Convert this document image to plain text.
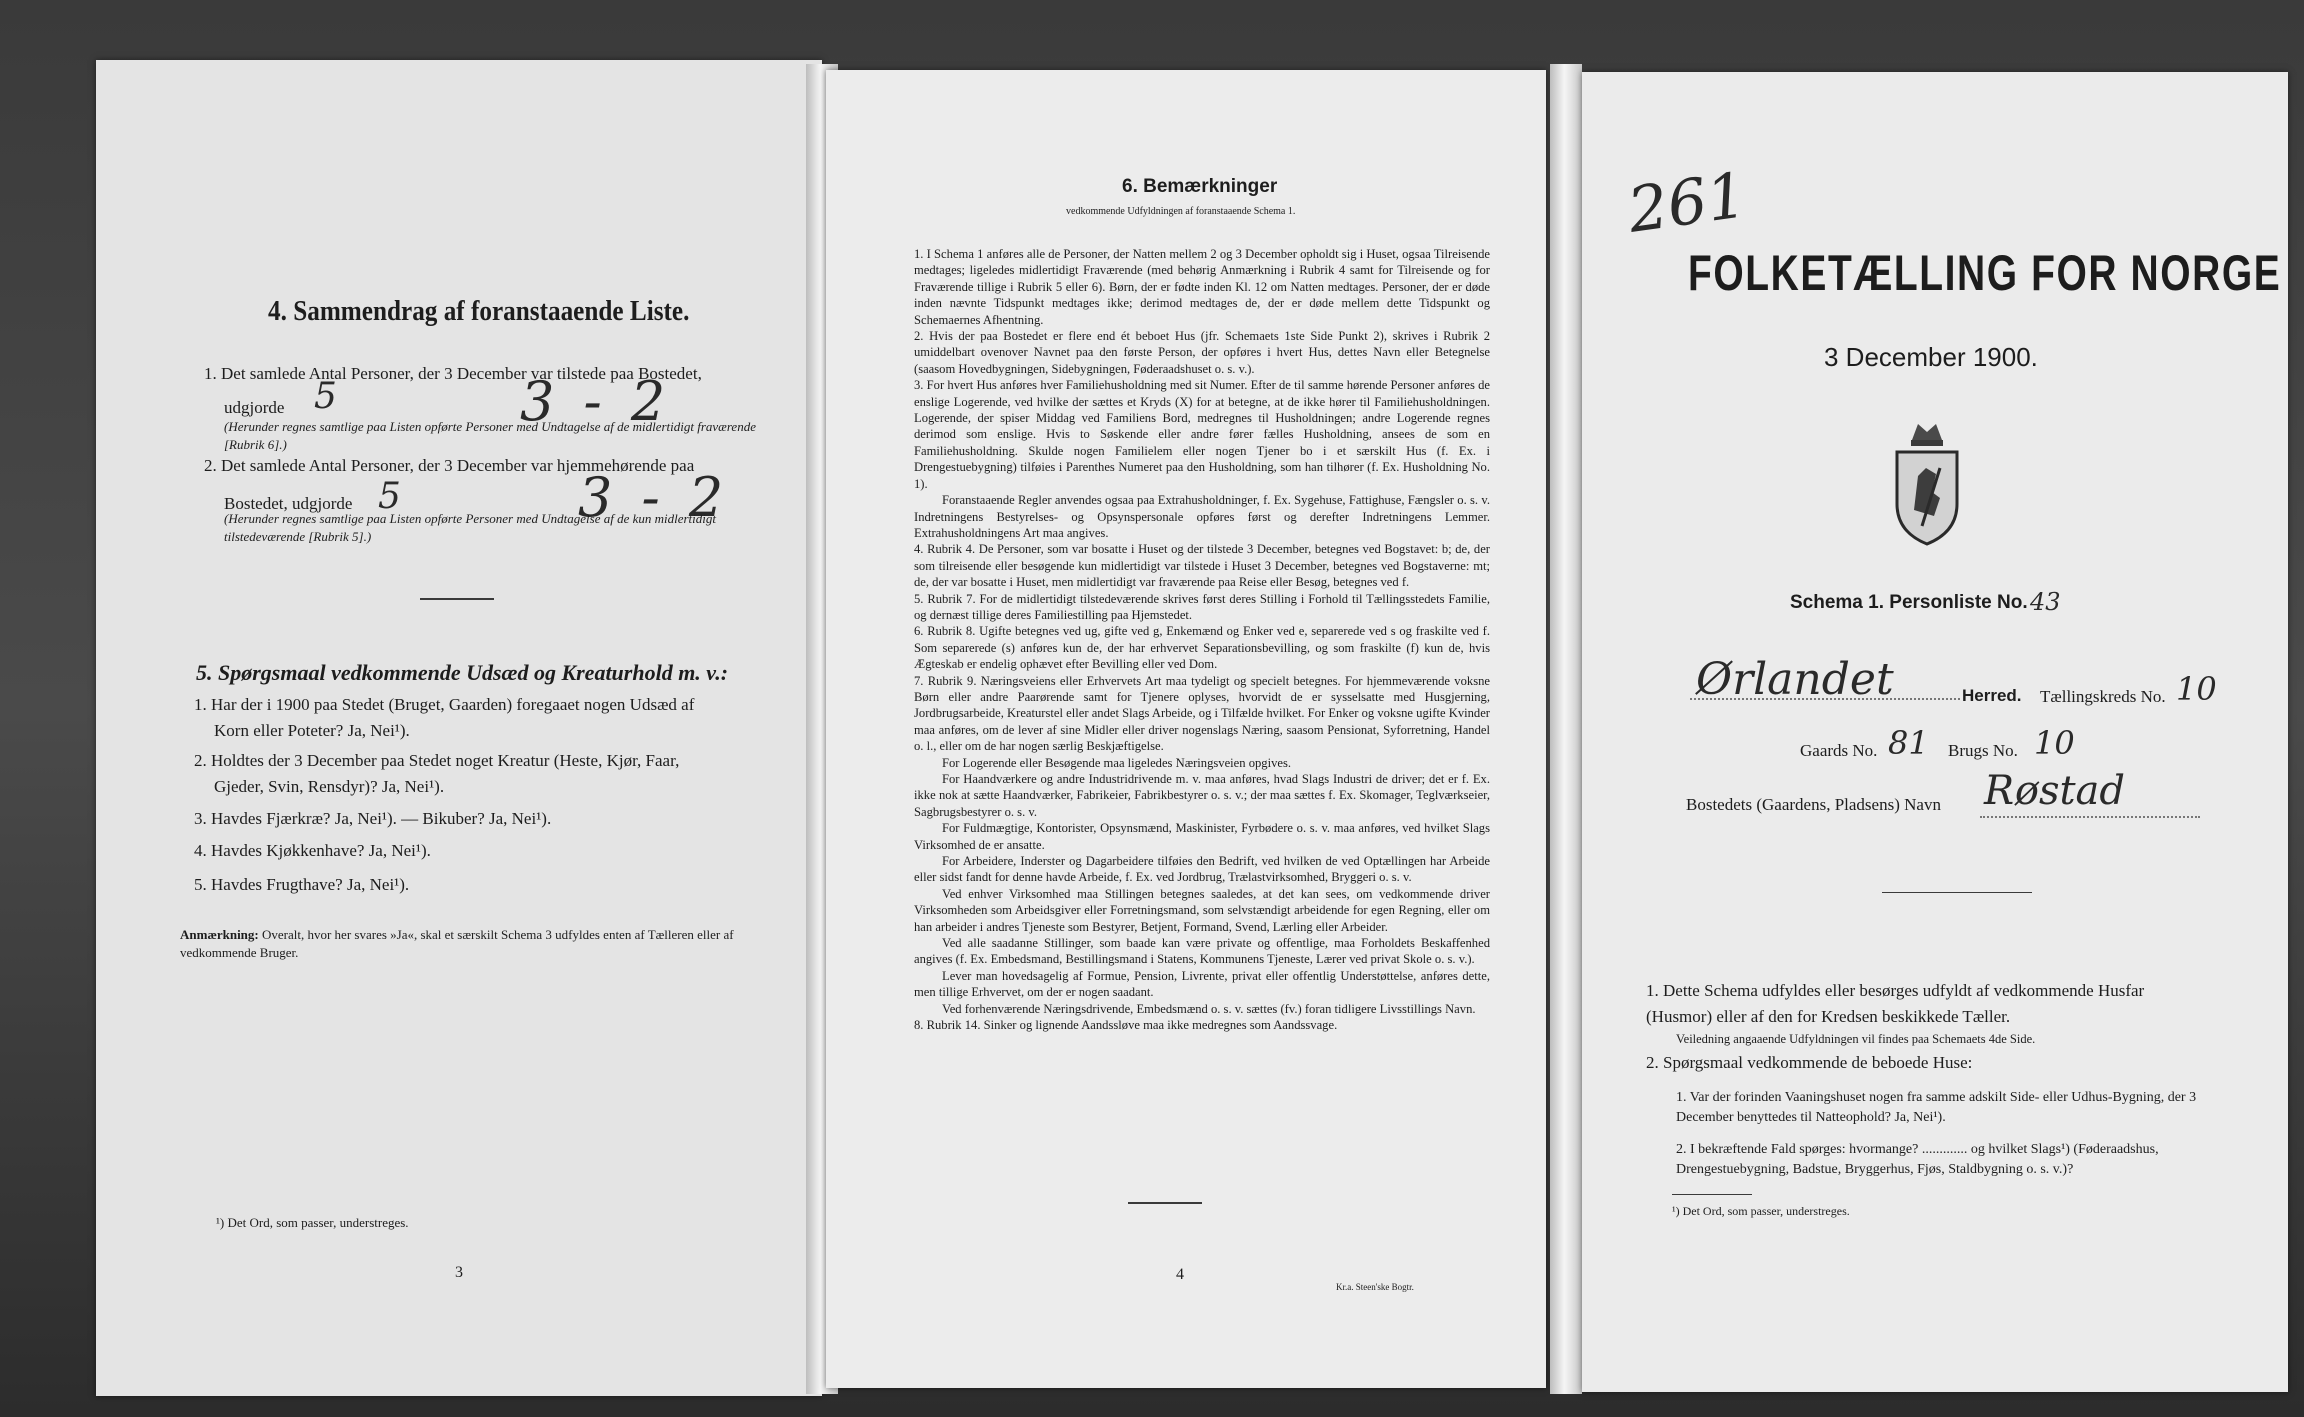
4. Sammendrag af foranstaaende Liste.
1. Det samlede Antal Personer, der 3 December var tilstede paa Bostedet,
udgjorde 5	3 - 2
(Herunder regnes samtlige paa Listen opførte Personer med Undtagelse af de midlertidigt fraværende [Rubrik 6].)
2. Det samlede Antal Personer, der 3 December var hjemmehørende paa
Bostedet, udgjorde 5	3 - 2
(Herunder regnes samtlige paa Listen opførte Personer med Undtagelse af de kun midlertidigt tilstedeværende [Rubrik 5].)
5. Spørgsmaal vedkommende Udsæd og Kreaturhold m. v.:
1. Har der i 1900 paa Stedet (Bruget, Gaarden) foregaaet nogen Udsæd af
Korn eller Poteter? Ja, Nei¹).
2. Holdtes der 3 December paa Stedet noget Kreatur (Heste, Kjør, Faar,
Gjeder, Svin, Rensdyr)? Ja, Nei¹).
3. Havdes Fjærkræ? Ja, Nei¹). — Bikuber? Ja, Nei¹).
4. Havdes Kjøkkenhave? Ja, Nei¹).
5. Havdes Frugthave? Ja, Nei¹).
Anmærkning: Overalt, hvor her svares »Ja«, skal et særskilt Schema 3 udfyldes enten af Tælleren eller af vedkommende Bruger.
¹) Det Ord, som passer, understreges.
3
6. Bemærkninger
vedkommende Udfyldningen af foranstaaende Schema 1.

1. I Schema 1 anføres alle de Personer, der Natten mellem 2 og 3 December opholdt sig i Huset, ogsaa Tilreisende medtages; ligeledes midlertidigt Fraværende (med behørig Anmærkning i Rubrik 4 samt for Tilreisende og for Fraværende tillige i Rubrik 5 eller 6). Børn, der er fødte inden Kl. 12 om Natten medtages. Personer, der er døde inden nævnte Tidspunkt medtages ikke; derimod medtages de, der er døde mellem dette Tidspunkt og Schemaernes Afhentning.

2. Hvis der paa Bostedet er flere end ét beboet Hus (jfr. Schemaets 1ste Side Punkt 2), skrives i Rubrik 2 umiddelbart ovenover Navnet paa den første Person, der opføres i hvert Hus, dettes Navn eller Betegnelse (saasom Hovedbygningen, Sidebygningen, Føderaadshuset o. s. v.).

3. For hvert Hus anføres hver Familiehusholdning med sit Numer. Efter de til samme hørende Personer anføres de enslige Logerende, ved hvilke der sættes et Kryds (X) for at betegne, at de ikke hører til Familiehusholdningen. Logerende, der spiser Middag ved Familiens Bord, medregnes til Husholdningen; andre Logerende regnes derimod som enslige. Hvis to Søskende eller andre fører fælles Husholdning, ansees de som en Familiehusholdning. Skulde nogen Familielem eller nogen Tjener bo i et særskilt Hus (f. Ex. i Drengestuebygning) tilføies i Parenthes Numeret paa den Husholdning, som han tilhører (f. Ex. Husholdning No. 1).

Foranstaaende Regler anvendes ogsaa paa Extrahusholdninger, f. Ex. Sygehuse, Fattighuse, Fængsler o. s. v. Indretningens Bestyrelses- og Opsynspersonale opføres først og derefter Indretningens Lemmer. Extrahusholdningens Art maa angives.

4. Rubrik 4. De Personer, som var bosatte i Huset og der tilstede 3 December, betegnes ved Bogstavet: b; de, der som tilreisende eller besøgende kun midlertidigt var tilstede i Huset 3 December, betegnes ved Bogstaverne: mt; de, der var bosatte i Huset, men midlertidigt var fraværende paa Reise eller Besøg, betegnes ved f.

5. Rubrik 7. For de midlertidigt tilstedeværende skrives først deres Stilling i Forhold til Tællingsstedets Familie, og dernæst tillige deres Familiestilling paa Hjemstedet.

6. Rubrik 8. Ugifte betegnes ved ug, gifte ved g, Enkemænd og Enker ved e, separerede ved s og fraskilte ved f. Som separerede (s) anføres kun de, der har erhvervet Separationsbevilling, og som fraskilte (f) kun de, hvis Ægteskab er endelig ophævet efter Bevilling eller ved Dom.

7. Rubrik 9. Næringsveiens eller Erhvervets Art maa tydeligt og specielt betegnes. For hjemmeværende voksne Børn eller andre Paarørende samt for Tjenere oplyses, hvorvidt de er sysselsatte med Husgjerning, Jordbrugsarbeide, Kreaturstel eller andet Slags Arbeide, og i Tilfælde hvilket. For Enker og voksne ugifte Kvinder maa anføres, om de lever af sine Midler eller driver nogenslags Næring, saasom Pensionat, Syforretning, Handel o. l., eller om de har nogen særlig Beskjæftigelse.

For Logerende eller Besøgende maa ligeledes Næringsveien opgives.

For Haandværkere og andre Industridrivende m. v. maa anføres, hvad Slags Industri de driver; det er f. Ex. ikke nok at sætte Haandværker, Fabrikeier, Fabrikbestyrer o. s. v.; der maa sættes f. Ex. Skomager, Teglværkseier, Sagbrugsbestyrer o. s. v.

For Fuldmægtige, Kontorister, Opsynsmænd, Maskinister, Fyrbødere o. s. v. maa anføres, ved hvilket Slags Virksomhed de er ansatte.

For Arbeidere, Inderster og Dagarbeidere tilføies den Bedrift, ved hvilken de ved Optællingen har Arbeide eller sidst fandt for denne havde Arbeide, f. Ex. ved Jordbrug, Trælastvirksomhed, Bryggeri o. s. v.

Ved enhver Virksomhed maa Stillingen betegnes saaledes, at det kan sees, om vedkommende driver Virksomheden som Arbeidsgiver eller Forretningsmand, som selvstændigt arbeidende for egen Regning, eller om han arbeider i andres Tjeneste som Bestyrer, Betjent, Formand, Svend, Lærling eller Arbeider.

Ved alle saadanne Stillinger, som baade kan være private og offentlige, maa Forholdets Beskaffenhed angives (f. Ex. Embedsmand, Bestillingsmand i Statens, Kommunens Tjeneste, Lærer ved privat Skole o. s. v.).

Lever man hovedsagelig af Formue, Pension, Livrente, privat eller offentlig Understøttelse, anføres dette, men tillige Erhvervet, om der er nogen saadant.

Ved forhenværende Næringsdrivende, Embedsmænd o. s. v. sættes (fv.) foran tidligere Livsstillings Navn.

8. Rubrik 14. Sinker og lignende Aandssløve maa ikke medregnes som Aandssvage.

4
Kr.a. Steen'ske Bogtr.
261
FOLKETÆLLING FOR NORGE
3 December 1900.
Schema 1. Personliste No. 43
Ørlandet	Herred. Tællingskreds No. 10
Gaards No. 81 Brugs No. 10
Bostedets (Gaardens, Pladsens) Navn Røstad
1. Dette Schema udfyldes eller besørges udfyldt af vedkommende Husfar (Husmor) eller af den for Kredsen beskikkede Tæller.
Veiledning angaaende Udfyldningen vil findes paa Schemaets 4de Side.
2. Spørgsmaal vedkommende de beboede Huse:
1. Var der forinden Vaaningshuset nogen fra samme adskilt Side- eller Udhus-Bygning, der 3 December benyttedes til Natteophold? Ja, Nei¹).
2. I bekræftende Fald spørges: hvormange? ............. og hvilket Slags¹) (Føderaadshus, Drengestuebygning, Badstue, Bryggerhus, Fjøs, Staldbygning o. s. v.)?
¹) Det Ord, som passer, understreges.
